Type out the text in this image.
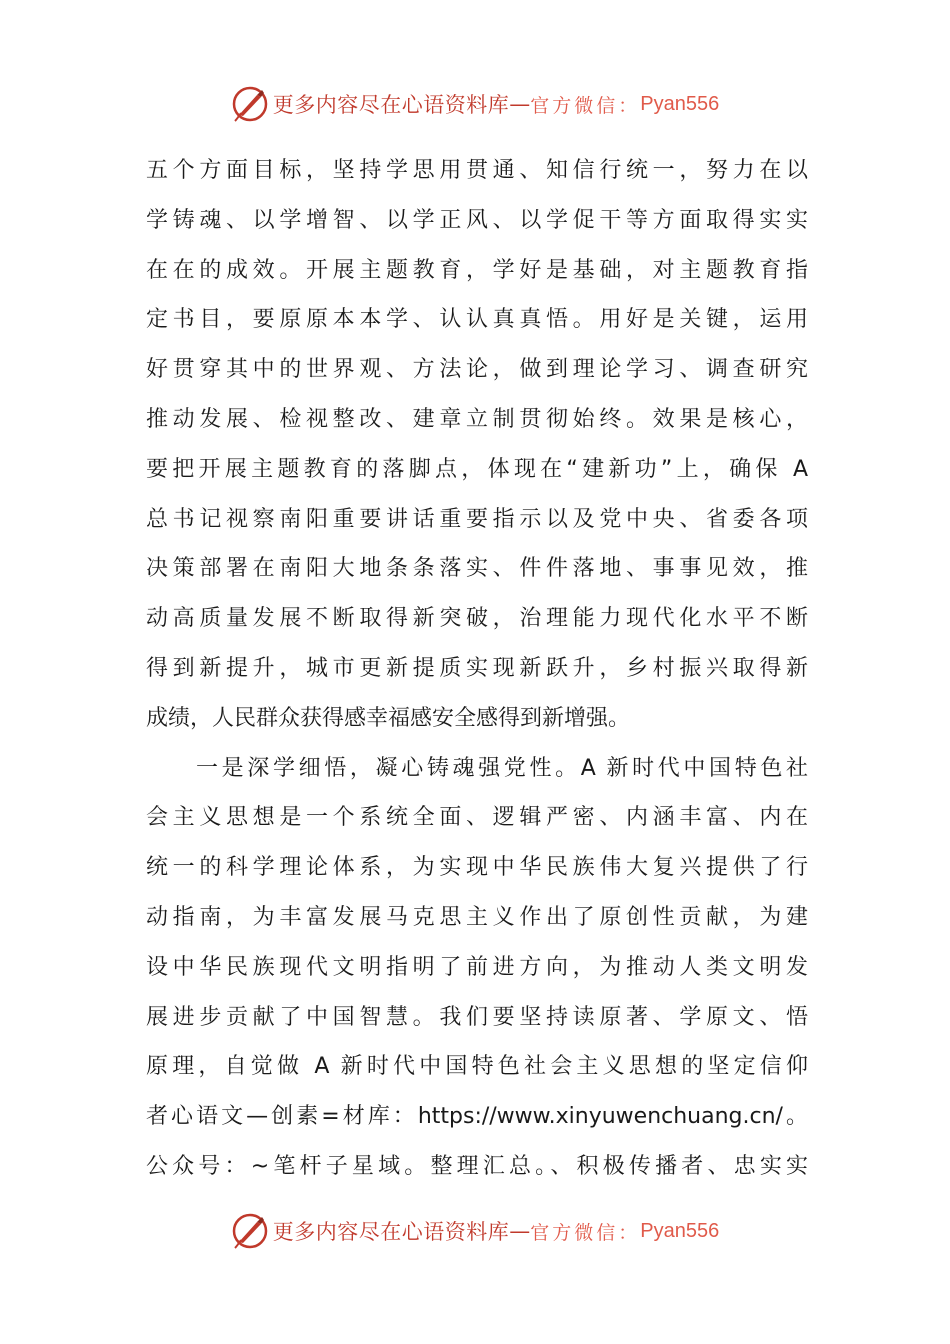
更多内容尽在心语资料库 — 官方微信： Pyan556
五个方面目标，坚持学思用贯通、知信行统一，努力在以
学铸魂、以学增智、以学正风、以学促干等方面取得实实
在在的成效。开展主题教育，学好是基础，对主题教育指
定书目，要原原本本学、认认真真悟。用好是关键，运用
好贯穿其中的世界观、方法论，做到理论学习、调查研究
推动发展、检视整改、建章立制贯彻始终。效果是核心，
要把开展主题教育的落脚点，体现在“建新功”上，确保 A
总书记视察南阳重要讲话重要指示以及党中央、省委各项
决策部署在南阳大地条条落实、件件落地、事事见效，推
动高质量发展不断取得新突破，治理能力现代化水平不断
得到新提升，城市更新提质实现新跃升，乡村振兴取得新
成绩，人民群众获得感幸福感安全感得到新增强。
一是深学细悟，凝心铸魂强党性。A 新时代中国特色社
会主义思想是一个系统全面、逻辑严密、内涵丰富、内在
统一的科学理论体系，为实现中华民族伟大复兴提供了行
动指南，为丰富发展马克思主义作出了原创性贡献，为建
设中华民族现代文明指明了前进方向，为推动人类文明发
展进步贡献了中国智慧。我们要坚持读原著、学原文、悟
原理，自觉做 A 新时代中国特色社会主义思想的坚定信仰
者心语文—创素=材库：https://www.xinyuwenchuang.cn/。
公众号：~笔杆子星域。整理汇总。、积极传播者、忠实实
更多内容尽在心语资料库 — 官方微信： Pyan556
